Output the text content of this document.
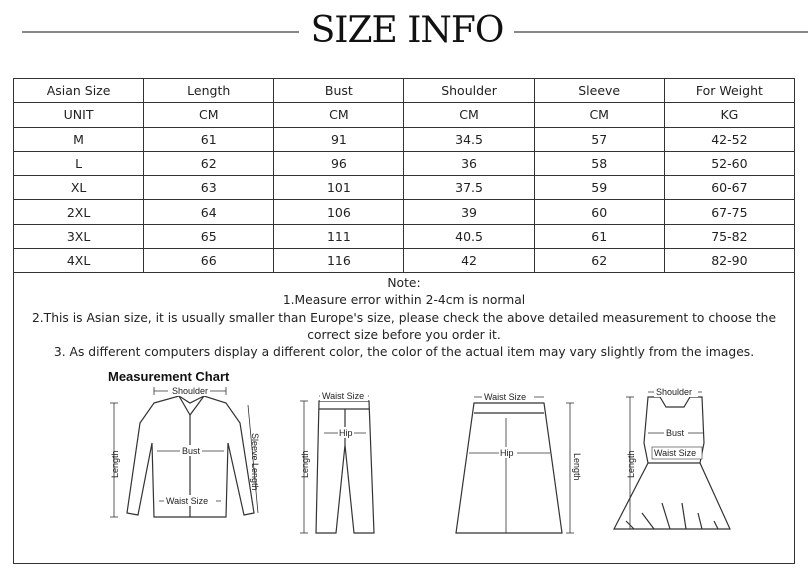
SIZE INFO
Asian Size	Length	Bust	Shoulder	Sleeve	For Weight
UNIT	CM	CM	CM	CM	KG
M	61	91	34.5	57	42-52
L	62	96	36	58	52-60
XL	63	101	37.5	59	60-67
2XL	64	106	39	60	67-75
3XL	65	111	40.5	61	75-82
4XL	66	116	42	62	82-90
Note:
1.Measure error within 2-4cm is normal
2.This is Asian size, it is usually smaller than Europe's size, please check the above detailed measurement to choose the correct size before you order it.
3. As different computers display a different color, the color of the actual item may vary slightly from the images.
Measurement Chart
Shoulder
Bust
Waist Size
Length	Sleeve Length
Waist Size
Hip
Length
Waist Size
Hip	Length
Shoulder
Bust
Waist Size
Length
